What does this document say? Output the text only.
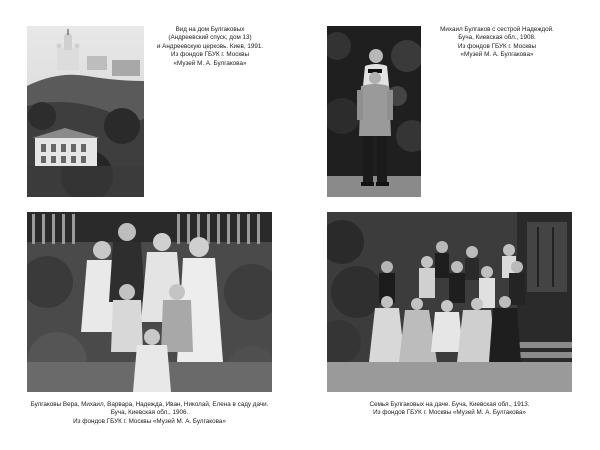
Вид на дом Булгаковых
(Андреевский спуск, дом 13)
и Андреевскую церковь. Киев, 1991.
Из фондов ГБУК г. Москвы
«Музей М. А. Булгакова»
Михаил Булгаков с сестрой Надеждой.
Буча, Киевская обл., 1908.
Из фондов ГБУК г. Москвы
«Музей М. А. Булгакова»
Булгаковы Вера, Михаил, Варвара, Надежда, Иван, Николай, Елена в саду дачи.
Буча, Киевская обл., 1906.
Из фондов ГБУК г. Москвы «Музей М. А. Булгакова»
Семья Булгаковых на даче. Буча, Киевская обл., 1913.
Из фондов ГБУК г. Москвы «Музей М. А. Булгакова»
